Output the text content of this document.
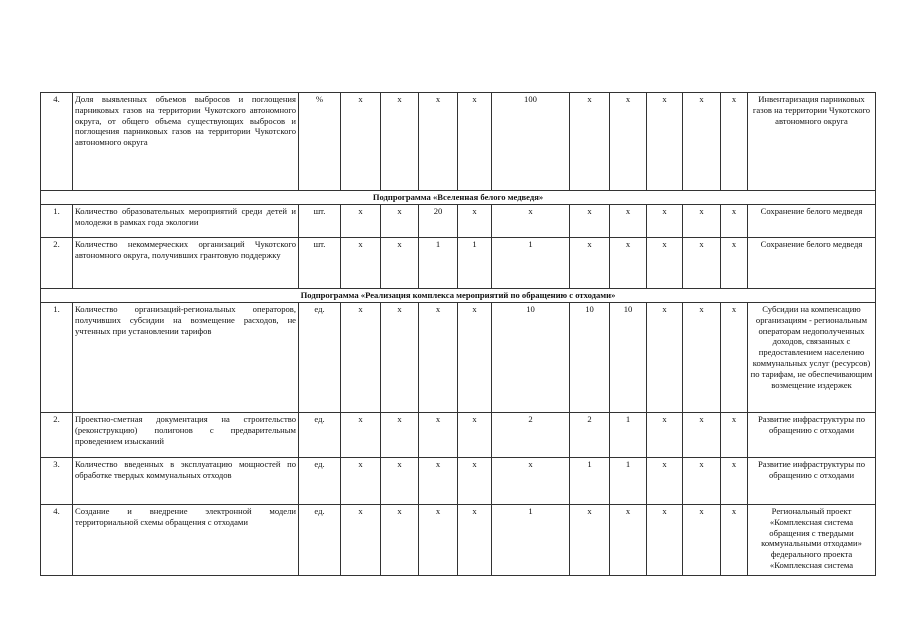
4.	Доля выявленных объемов выбросов и поглощения парниковых газов на территории Чукотского автономного округа, от общего объема существующих выбросов и поглощения парниковых газов на территории Чукотского автономного округа	%	x	x	x	x	100	x	x	x	x	x	Инвентаризация парниковых газов на территории Чукотского автономного округа
Подпрограмма «Вселенная белого медведя»													
1.	Количество образовательных мероприятий среди детей и молодежи в рамках года экологии	шт.	x	x	20	x	x	x	x	x	x	x	Сохранение белого медведя
2.	Количество некоммерческих организаций Чукотского автономного округа, получивших грантовую поддержку	шт.	x	x	1	1	1	x	x	x	x	x	Сохранение белого медведя
Подпрограмма «Реализация комплекса мероприятий по обращению с отходами»													
1.	Количество организаций-региональных операторов, получивших субсидии на возмещение расходов, не учтенных при установлении тарифов	ед.	x	x	x	x	10	10	10	x	x	x	Субсидии на компенсацию организациям - региональным операторам недополученных доходов, связанных с предоставлением населению коммунальных услуг (ресурсов) по тарифам, не обеспечивающим возмещение издержек
2.	Проектно-сметная документация на строительство (реконструкцию) полигонов с предварительным проведением изысканий	ед.	x	x	x	x	2	2	1	x	x	x	Развитие инфраструктуры по обращению с отходами
3.	Количество введенных в эксплуатацию мощностей по обработке твердых коммунальных отходов	ед.	x	x	x	x	x	1	1	x	x	x	Развитие инфраструктуры по обращению с отходами
4.	Создание и внедрение электронной модели территориальной схемы обращения с отходами	ед.	x	x	x	x	1	x	x	x	x	x	Региональный проект «Комплексная система обращения с твердыми коммунальными отходами» федерального проекта «Комплексная система
